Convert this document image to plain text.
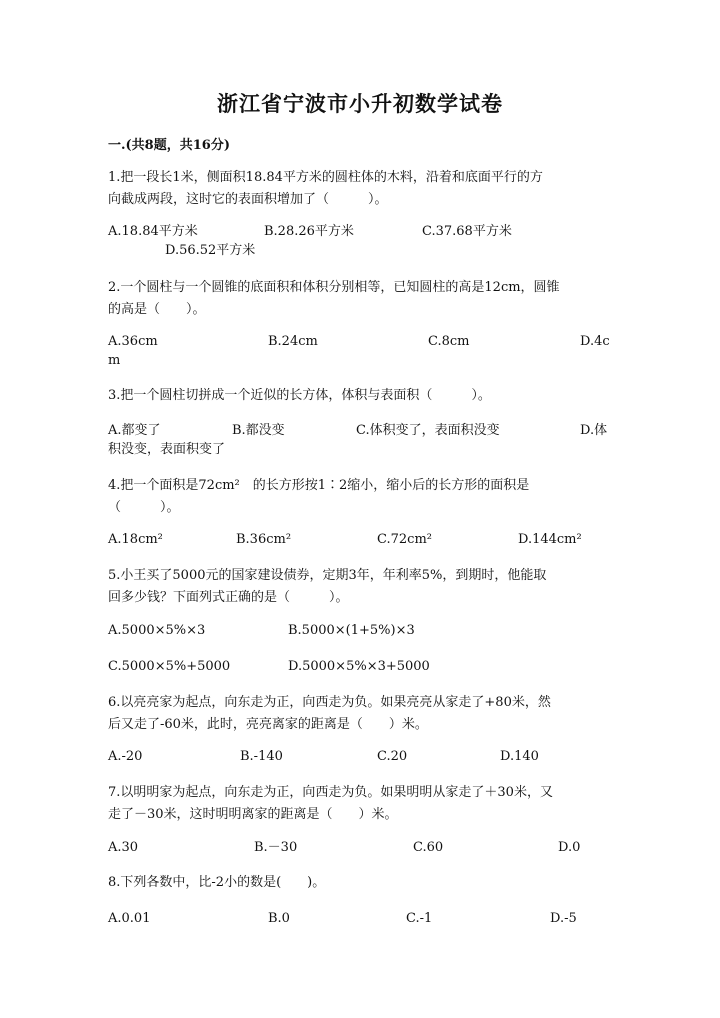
浙江省宁波市小升初数学试卷
一.(共8题，共16分)
1.把一段长1米，侧面积18.84平方米的圆柱体的木料，沿着和底面平行的方
向截成两段，这时它的表面积增加了（　　　）。
A.18.84平方米	B.28.26平方米	C.37.68平方米
D.56.52平方米
2.一个圆柱与一个圆锥的底面积和体积分别相等，已知圆柱的高是12cm，圆锥
的高是（　　）。
A.36cm	B.24cm	C.8cm	D.4c
m
3.把一个圆柱切拼成一个近似的长方体，体积与表面积（　　　）。
A.都变了	B.都没变	C.体积变了，表面积没变	D.体
积没变，表面积变了
4.把一个面积是72cm²　的长方形按1∶2缩小，缩小后的长方形的面积是
（　　　）。
A.18cm²	B.36cm²	C.72cm²	D.144cm²
5.小王买了5000元的国家建设债券，定期3年，年利率5%，到期时，他能取
回多少钱？下面列式正确的是（　　　）。
A.5000×5%×3	B.5000×(1+5%)×3
C.5000×5%+5000	D.5000×5%×3+5000
6.以亮亮家为起点，向东走为正，向西走为负。如果亮亮从家走了+80米，然
后又走了-60米，此时，亮亮离家的距离是（　　）米。
A.-20	B.-140	C.20	D.140
7.以明明家为起点，向东走为正，向西走为负。如果明明从家走了＋30米，又
走了－30米，这时明明离家的距离是（　　）米。
A.30	B.－30	C.60	D.0
8.下列各数中，比-2小的数是(　　)。
A.0.01	B.0	C.-1	D.-5
